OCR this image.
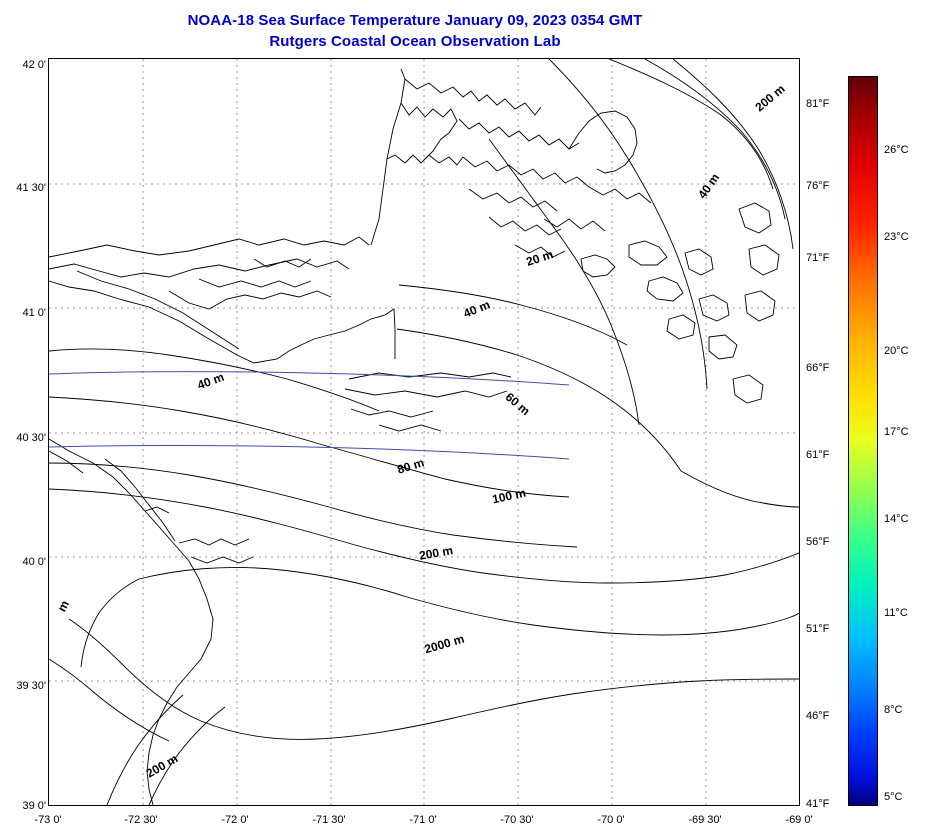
NOAA-18 Sea Surface Temperature January 09, 2023 0354 GMT
Rutgers Coastal Ocean Observation Lab
42 0'
41 30'
41 0'
40 30'
40 0'
39 30'
39 0'
-73 0'	-72 30'	-72 0'	-71 30'	-71 0'	-70 30'	-70 0'	-69 30'	-69 0'
81°F
76°F
71°F
66°F
61°F
56°F
51°F
46°F
41°F
200 m
40 m
20 m
40 m
40 m
60 m
80 m
100 m
200 m
2000 m
m
200 m
26°C
23°C
20°C
17°C
14°C
11°C
8°C
5°C
